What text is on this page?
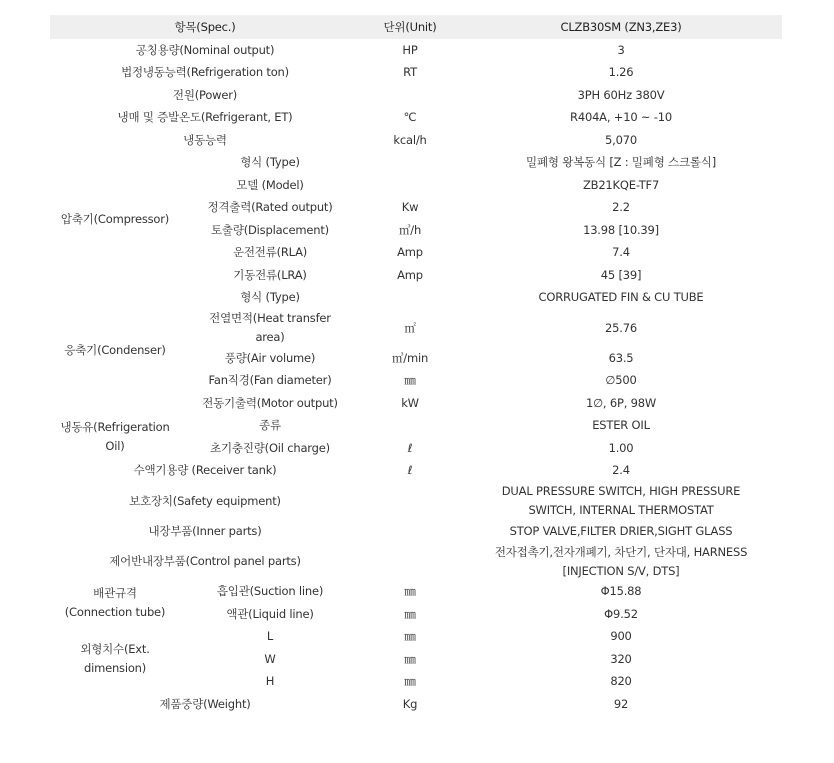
항목(Spec.)		단위(Unit)	CLZB30SM (ZN3,ZE3)
공칭용량(Nominal output)		HP	3
법정냉동능력(Refrigeration ton)		RT	1.26
전원(Power)			3PH 60Hz 380V
냉매 및 증발온도(Refrigerant, ET)		℃	R404A, +10 ~ -10
냉동능력		kcal/h	5,070
압축기(Compressor)	형식 (Type)		밀폐형 왕복동식 [Z : 밀폐형 스크롤식]
	모델 (Model)		ZB21KQE-TF7
	정격출력(Rated output)	Kw	2.2
	토출량(Displacement)	㎥/h	13.98 [10.39]
	운전전류(RLA)	Amp	7.4
	기동전류(LRA)	Amp	45 [39]
응축기(Condenser)	형식 (Type)		CORRUGATED FIN & CU TUBE
	전열면적(Heat transfer area)	㎡	25.76
	풍량(Air volume)	㎥/min	63.5
	Fan직경(Fan diameter)	㎜	∅500
	전동기출력(Motor output)	kW	1∅, 6P, 98W
냉동유(Refrigeration Oil)	종류		ESTER OIL
	초기충진량(Oil charge)	ℓ	1.00
수액기용량 (Receiver tank)		ℓ	2.4
보호장치(Safety equipment)			DUAL PRESSURE SWITCH, HIGH PRESSURE SWITCH, INTERNAL THERMOSTAT
내장부품(Inner parts)			STOP VALVE,FILTER DRIER,SIGHT GLASS
제어반내장부품(Control panel parts)			전자접촉기,전자개폐기, 차단기, 단자대, HARNESS [INJECTION S/V, DTS]
배관규격(Connection tube)	흡입관(Suction line)	㎜	Φ15.88
	액관(Liquid line)	㎜	Φ9.52
외형치수(Ext. dimension)	L	㎜	900
	W	㎜	320
	H	㎜	820
제품중량(Weight)		Kg	92
